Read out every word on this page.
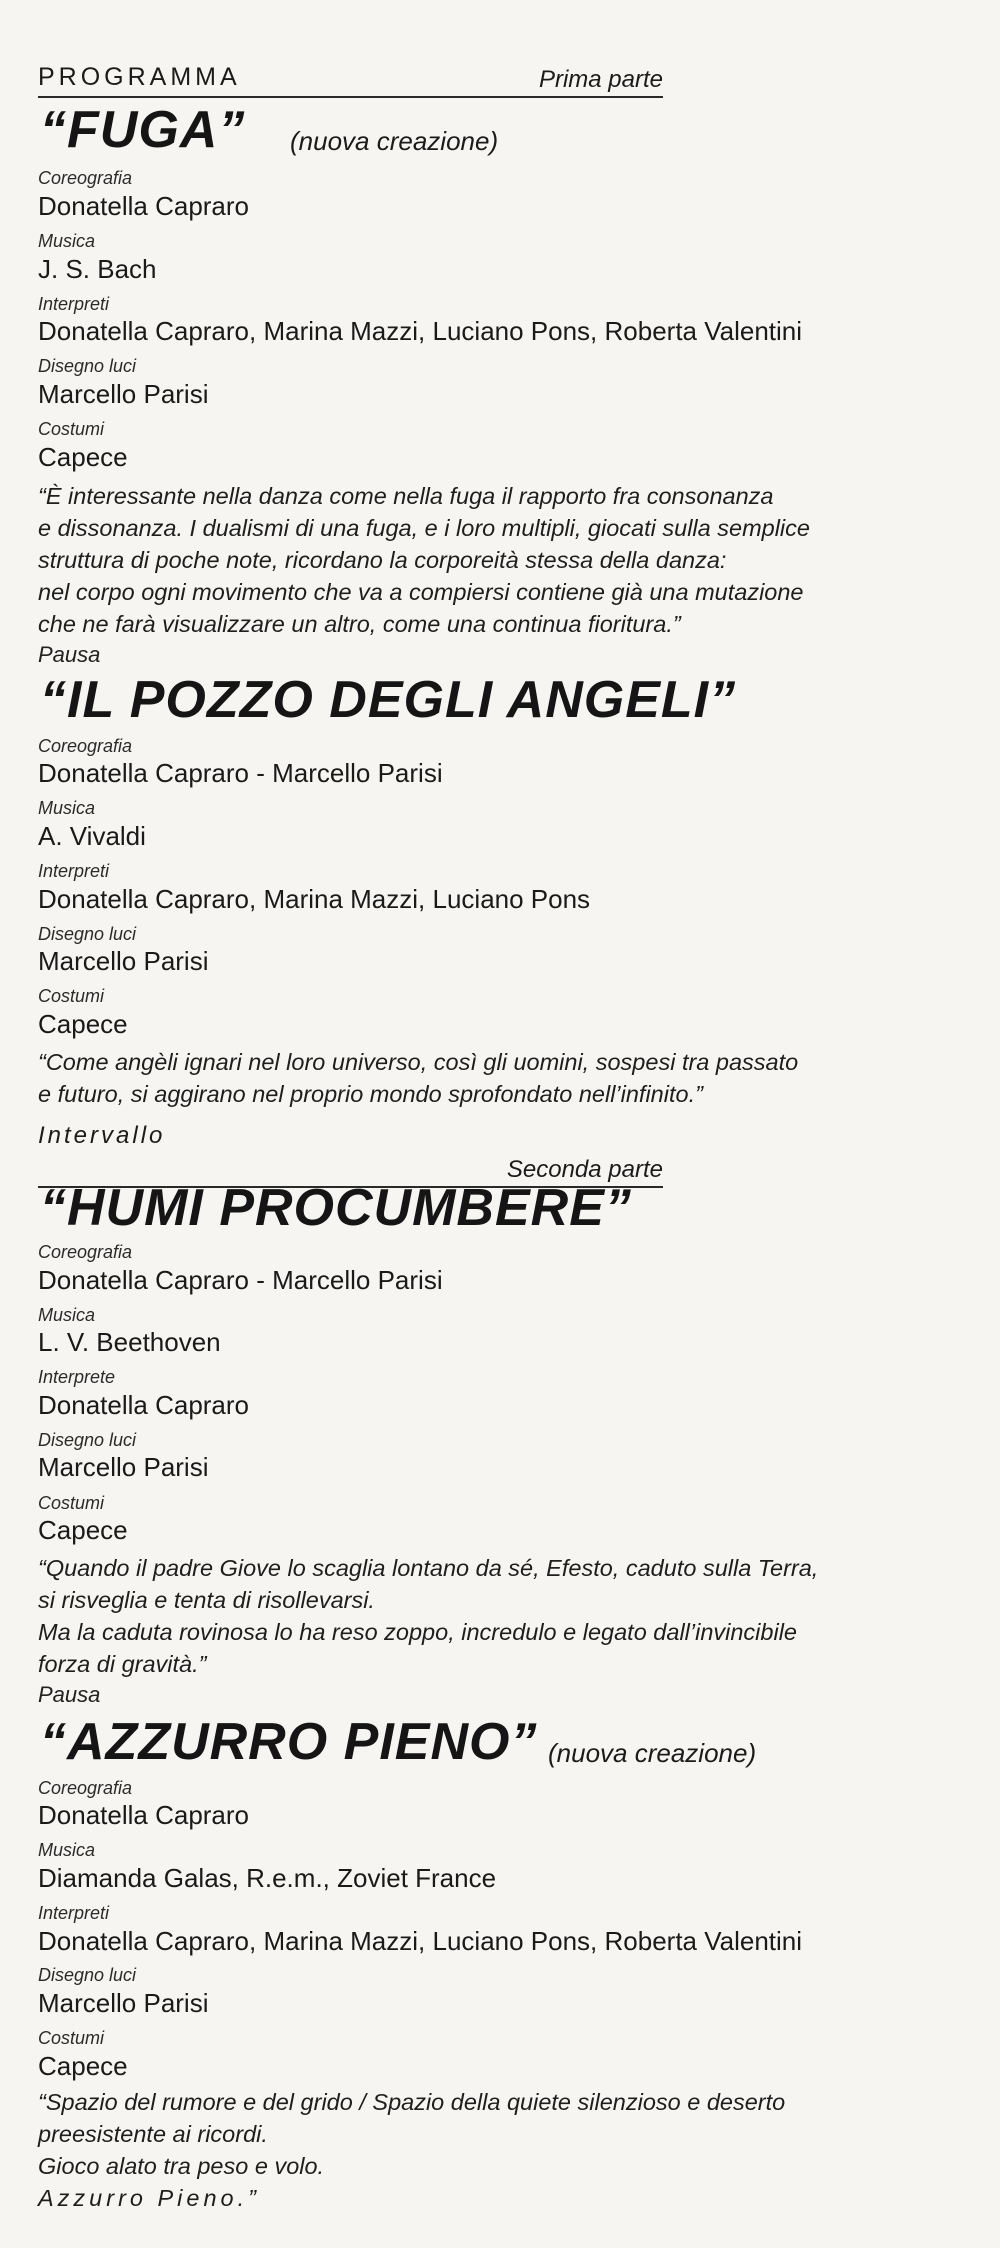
PROGRAMMA	Prima parte
“FUGA” (nuova creazione)
Coreografia
Donatella Capraro
Musica
J. S. Bach
Interpreti
Donatella Capraro, Marina Mazzi, Luciano Pons, Roberta Valentini
Disegno luci
Marcello Parisi
Costumi
Capece
“È interessante nella danza come nella fuga il rapporto fra consonanza
e dissonanza. I dualismi di una fuga, e i loro multipli, giocati sulla semplice
struttura di poche note, ricordano la corporeità stessa della danza:
nel corpo ogni movimento che va a compiersi contiene già una mutazione
che ne farà visualizzare un altro, come una continua fioritura.”
Pausa
“IL POZZO DEGLI ANGELI”
Coreografia
Donatella Capraro - Marcello Parisi
Musica
A. Vivaldi
Interpreti
Donatella Capraro, Marina Mazzi, Luciano Pons
Disegno luci
Marcello Parisi
Costumi
Capece
“Come angèli ignari nel loro universo, così gli uomini, sospesi tra passato
e futuro, si aggirano nel proprio mondo sprofondato nell’infinito.”
Intervallo
Seconda parte
“HUMI PROCUMBERE”
Coreografia
Donatella Capraro - Marcello Parisi
Musica
L. V. Beethoven
Interprete
Donatella Capraro
Disegno luci
Marcello Parisi
Costumi
Capece
“Quando il padre Giove lo scaglia lontano da sé, Efesto, caduto sulla Terra,
si risveglia e tenta di risollevarsi.
Ma la caduta rovinosa lo ha reso zoppo, incredulo e legato dall’invincibile
forza di gravità.”
Pausa
“AZZURRO PIENO” (nuova creazione)
Coreografia
Donatella Capraro
Musica
Diamanda Galas, R.e.m., Zoviet France
Interpreti
Donatella Capraro, Marina Mazzi, Luciano Pons, Roberta Valentini
Disegno luci
Marcello Parisi
Costumi
Capece
“Spazio del rumore e del grido / Spazio della quiete silenzioso e deserto
preesistente ai ricordi.
Gioco alato tra peso e volo.
Azzurro Pieno.”
